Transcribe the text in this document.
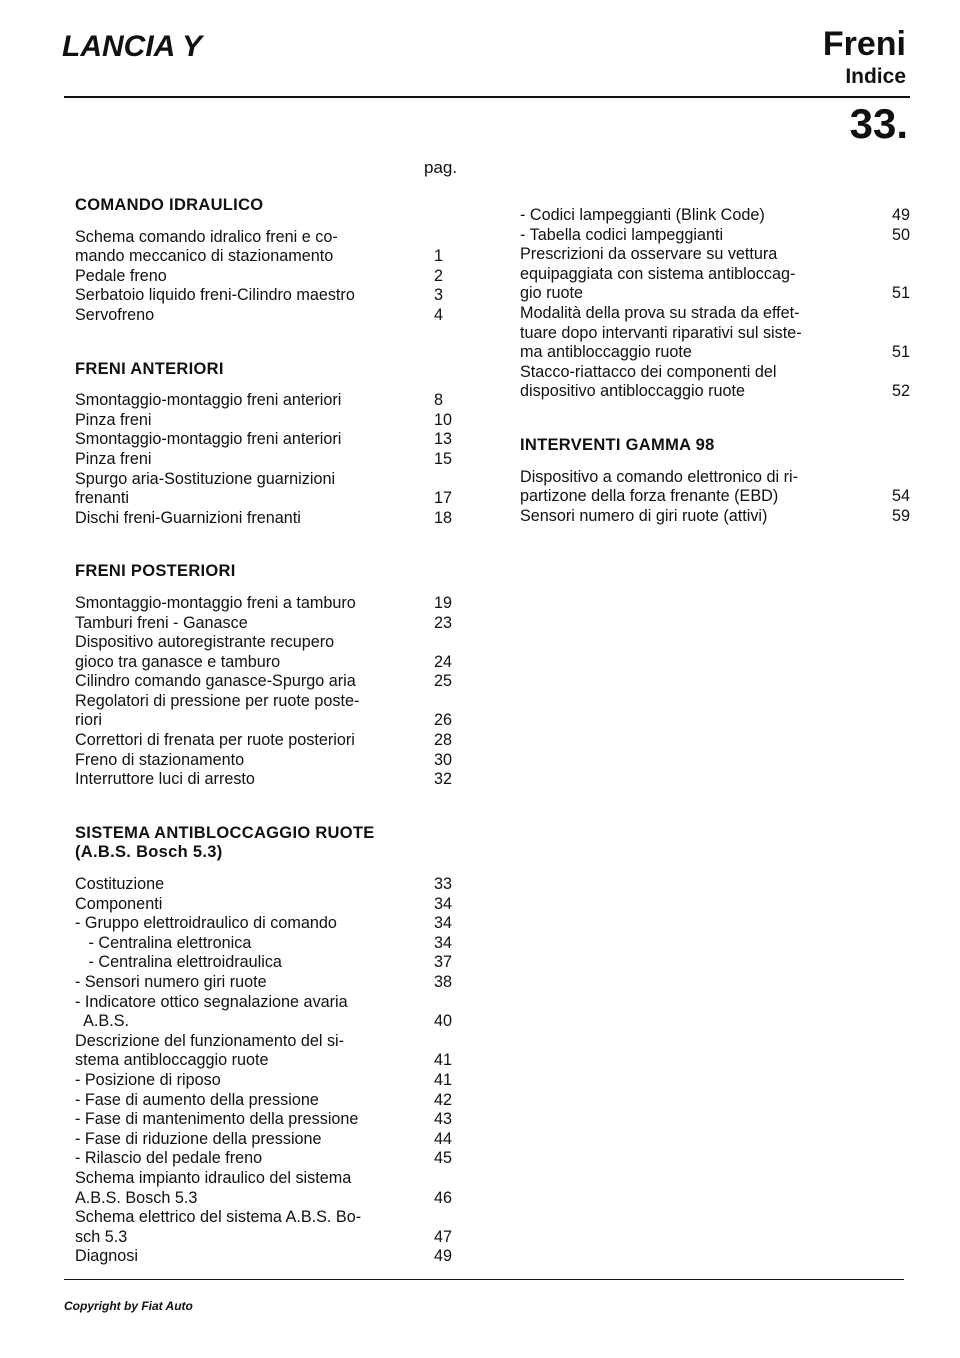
LANCIA Y	Freni
Indice
33.
pag.
COMANDO IDRAULICO
Schema comando idralico freni e co-
mando meccanico di stazionamento	1
Pedale freno	2
Serbatoio liquido freni-Cilindro maestro	3
Servofreno	4
FRENI ANTERIORI
Smontaggio-montaggio freni anteriori	8
Pinza freni	10
Smontaggio-montaggio freni anteriori	13
Pinza freni	15
Spurgo aria-Sostituzione guarnizioni
frenanti	17
Dischi freni-Guarnizioni frenanti	18
FRENI POSTERIORI
Smontaggio-montaggio freni a tamburo	19
Tamburi freni - Ganasce	23
Dispositivo autoregistrante recupero
gioco tra ganasce e tamburo	24
Cilindro comando ganasce-Spurgo aria	25
Regolatori di pressione per ruote poste-
riori	26
Correttori di frenata per ruote posteriori	28
Freno di stazionamento	30
Interruttore luci di arresto	32
SISTEMA ANTIBLOCCAGGIO RUOTE
(A.B.S. Bosch 5.3)
Costituzione	33
Componenti	34
- Gruppo elettroidraulico di comando	34
- Centralina elettronica	34
- Centralina elettroidraulica	37
- Sensori numero giri ruote	38
- Indicatore ottico segnalazione avaria
A.B.S.	40
Descrizione del funzionamento del si-
stema antibloccaggio ruote	41
- Posizione di riposo	41
- Fase di aumento della pressione	42
- Fase di mantenimento della pressione	43
- Fase di riduzione della pressione	44
- Rilascio del pedale freno	45
Schema impianto idraulico del sistema
A.B.S. Bosch 5.3	46
Schema elettrico del sistema A.B.S. Bo-
sch 5.3	47
Diagnosi	49
- Codici lampeggianti (Blink Code)	49
- Tabella codici lampeggianti	50
Prescrizioni da osservare su vettura
equipaggiata con sistema antibloccag-
gio ruote	51
Modalità della prova su strada da effet-
tuare dopo intervanti riparativi sul siste-
ma antibloccaggio ruote	51
Stacco-riattacco dei componenti del
dispositivo antibloccaggio ruote	52
INTERVENTI GAMMA 98
Dispositivo a comando elettronico di ri-
partizone della forza frenante (EBD)	54
Sensori numero di giri ruote (attivi)	59
Copyright by Fiat Auto
